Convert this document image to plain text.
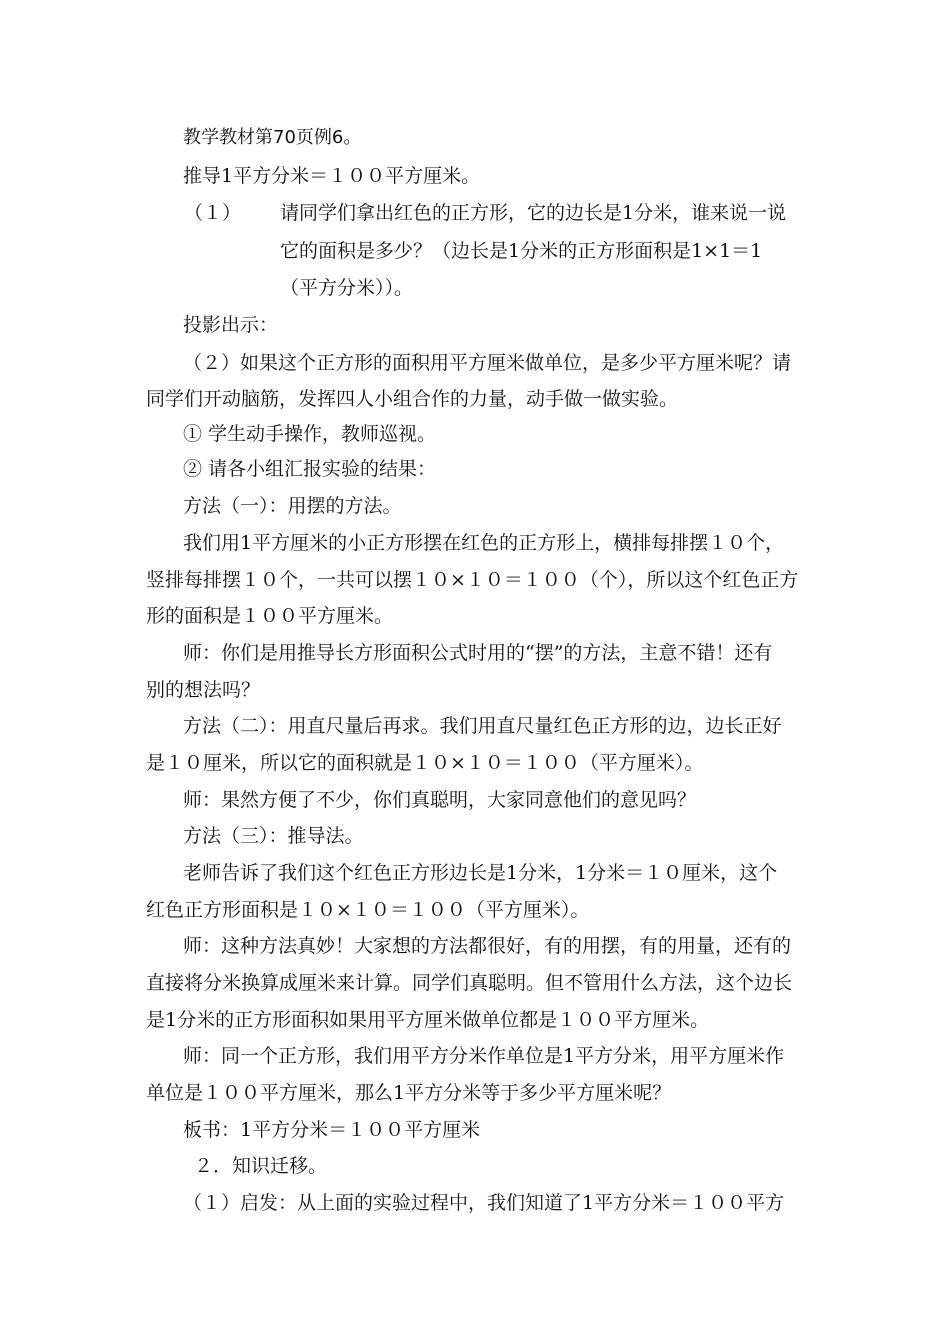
教学教材第70页例6。
推导1平方分米＝１００平方厘米。
（１） 请同学们拿出红色的正方形，它的边长是1分米，谁来说一说
它的面积是多少？（边长是1分米的正方形面积是1×1＝1
（平方分米））。
投影出示：
（２）如果这个正方形的面积用平方厘米做单位，是多少平方厘米呢？请
同学们开动脑筋，发挥四人小组合作的力量，动手做一做实验。
① 学生动手操作，教师巡视。
② 请各小组汇报实验的结果：
方法（一）：用摆的方法。
我们用1平方厘米的小正方形摆在红色的正方形上，横排每排摆１０个，
竖排每排摆１０个，一共可以摆１０×１０＝１００（个），所以这个红色正方
形的面积是１００平方厘米。
师：你们是用推导长方形面积公式时用的“摆”的方法，主意不错！还有
别的想法吗？
方法（二）：用直尺量后再求。我们用直尺量红色正方形的边，边长正好
是１０厘米，所以它的面积就是１０×１０＝１００（平方厘米）。
师：果然方便了不少，你们真聪明，大家同意他们的意见吗？
方法（三）：推导法。
老师告诉了我们这个红色正方形边长是1分米，1分米＝１０厘米，这个
红色正方形面积是１０×１０＝１００（平方厘米）。
师：这种方法真妙！大家想的方法都很好，有的用摆，有的用量，还有的
直接将分米换算成厘米来计算。同学们真聪明。但不管用什么方法，这个边长
是1分米的正方形面积如果用平方厘米做单位都是１００平方厘米。
师：同一个正方形，我们用平方分米作单位是1平方分米，用平方厘米作
单位是１００平方厘米，那么1平方分米等于多少平方厘米呢？
板书：1平方分米＝１００平方厘米
２．知识迁移。
（１）启发：从上面的实验过程中，我们知道了1平方分米＝１００平方
